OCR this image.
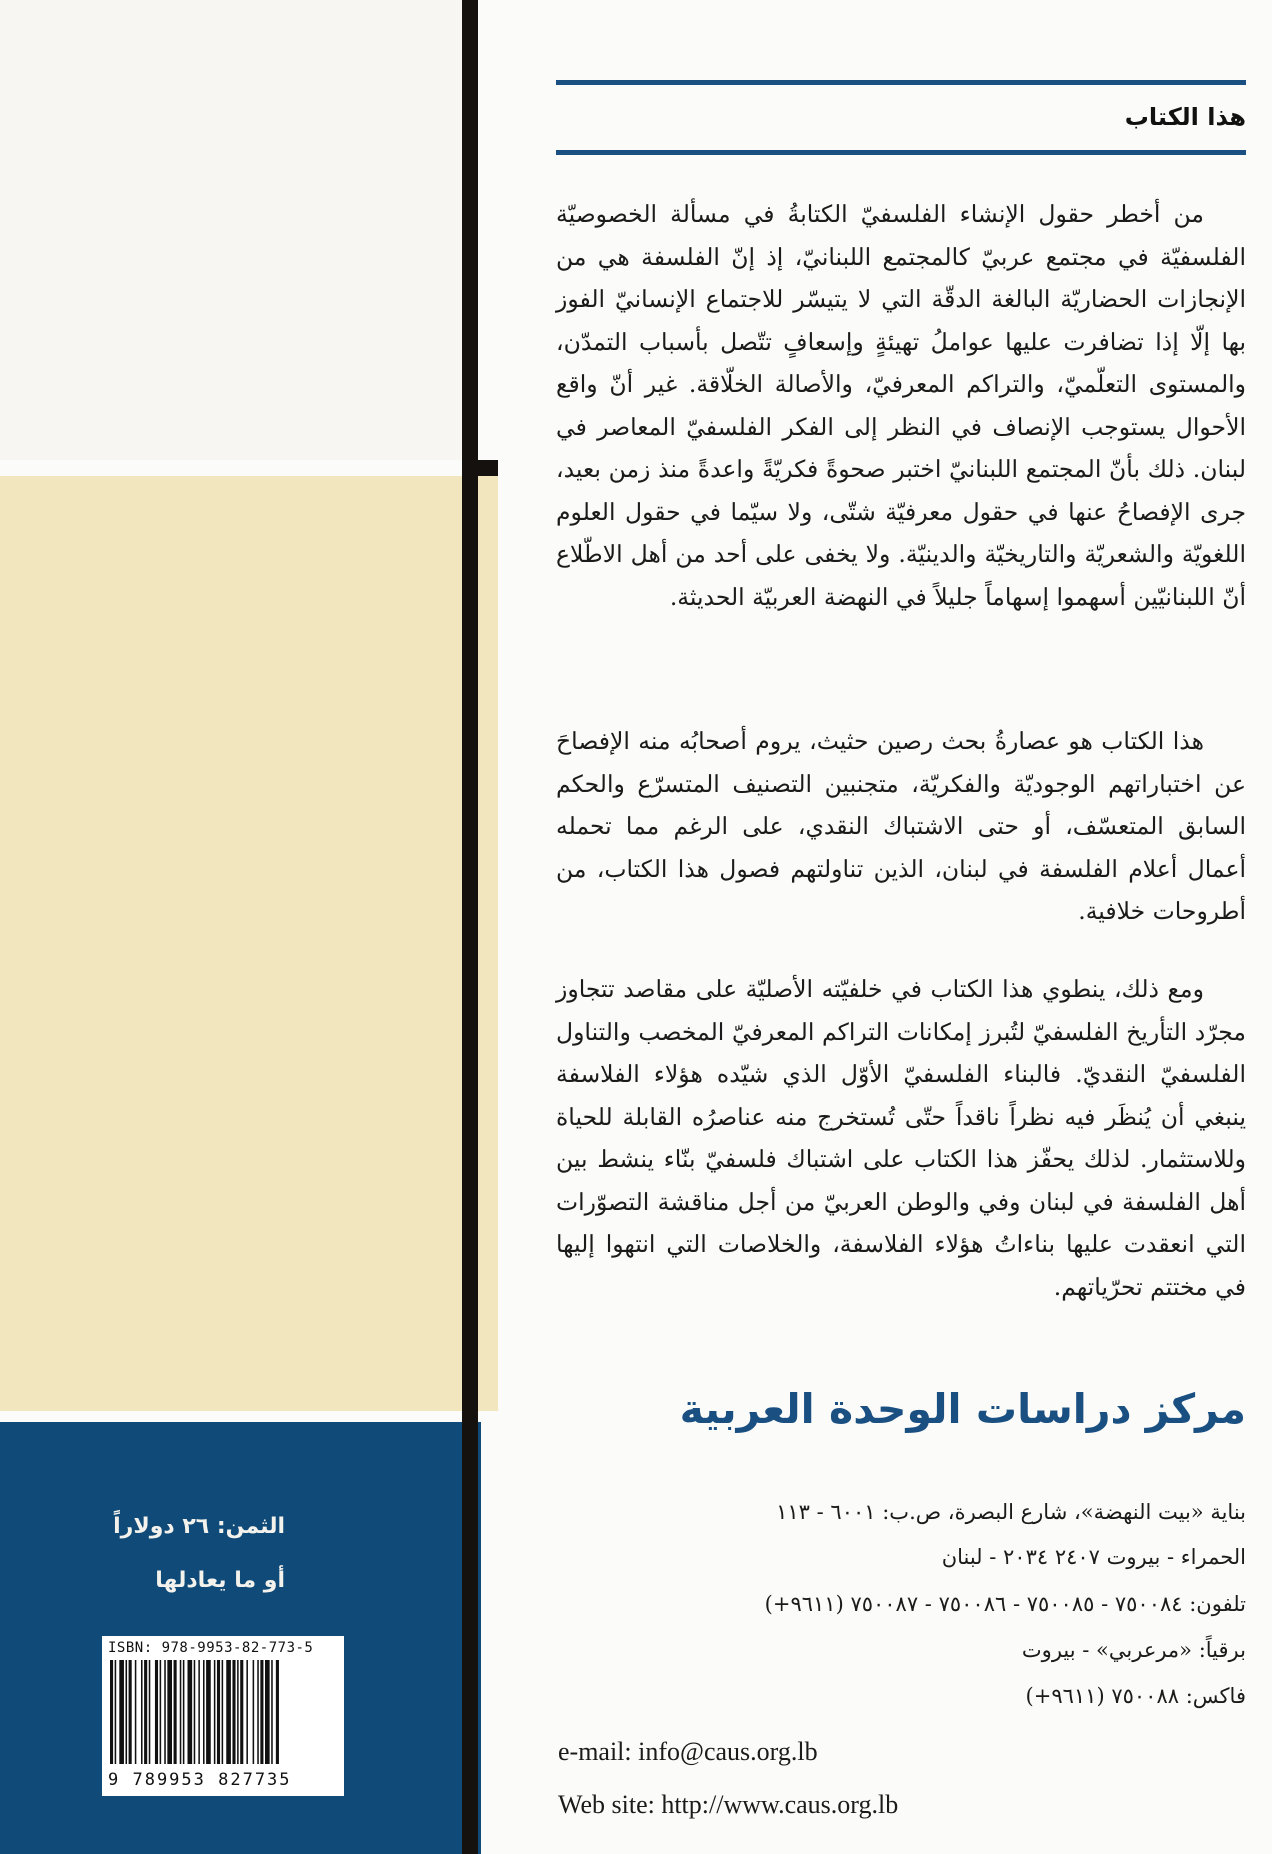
الثمن: ٢٦ دولاراً
أو ما يعادلها
ISBN: 978-9953-82-773-5
9 789953 827735
هذا الكتاب

من أخطر حقول الإنشاء الفلسفيّ الكتابةُ في مسألة الخصوصيّة الفلسفيّة في مجتمع عربيّ كالمجتمع اللبنانيّ، إذ إنّ الفلسفة هي من الإنجازات الحضاريّة البالغة الدقّة التي لا يتيسّر للاجتماع الإنسانيّ الفوز بها إلّا إذا تضافرت عليها عواملُ تهيئةٍ وإسعافٍ تتّصل بأسباب التمدّن، والمستوى التعلّميّ، والتراكم المعرفيّ، والأصالة الخلّاقة. غير أنّ واقع الأحوال يستوجب الإنصاف في النظر إلى الفكر الفلسفيّ المعاصر في لبنان. ذلك بأنّ المجتمع اللبنانيّ اختبر صحوةً فكريّةً واعدةً منذ زمن بعيد، جرى الإفصاحُ عنها في حقول معرفيّة شتّى، ولا سيّما في حقول العلوم اللغويّة والشعريّة والتاريخيّة والدينيّة. ولا يخفى على أحد من أهل الاطّلاع أنّ اللبنانيّين أسهموا إسهاماً جليلاً في النهضة العربيّة الحديثة.

هذا الكتاب هو عصارةُ بحث رصين حثيث، يروم أصحابُه منه الإفصاحَ عن اختباراتهم الوجوديّة والفكريّة، متجنبين التصنيف المتسرّع والحكم السابق المتعسّف، أو حتى الاشتباك النقدي، على الرغم مما تحمله أعمال أعلام الفلسفة في لبنان، الذين تناولتهم فصول هذا الكتاب، من أطروحات خلافية.

ومع ذلك، ينطوي هذا الكتاب في خلفيّته الأصليّة على مقاصد تتجاوز مجرّد التأريخ الفلسفيّ لتُبرز إمكانات التراكم المعرفيّ المخصب والتناول الفلسفيّ النقديّ. فالبناء الفلسفيّ الأوّل الذي شيّده هؤلاء الفلاسفة ينبغي أن يُنظَر فيه نظراً ناقداً حتّى تُستخرج منه عناصرُه القابلة للحياة وللاستثمار. لذلك يحفّز هذا الكتاب على اشتباك فلسفيّ بنّاء ينشط بين أهل الفلسفة في لبنان وفي والوطن العربيّ من أجل مناقشة التصوّرات التي انعقدت عليها بناءاتُ هؤلاء الفلاسفة، والخلاصات التي انتهوا إليها في مختتم تحرّياتهم.

مركز دراسات الوحدة العربية
بناية «بيت النهضة»، شارع البصرة، ص.ب: ٦٠٠١ - ١١٣
الحمراء - بيروت ٢٤٠٧ ٢٠٣٤ - لبنان
تلفون: ٧٥٠٠٨٤ - ٧٥٠٠٨٥ - ٧٥٠٠٨٦ - ٧٥٠٠٨٧ (٩٦١١+)
برقياً: «مرعربي» - بيروت
فاكس: ٧٥٠٠٨٨ (٩٦١١+)
e-mail: info@caus.org.lb
Web site: http://www.caus.org.lb
